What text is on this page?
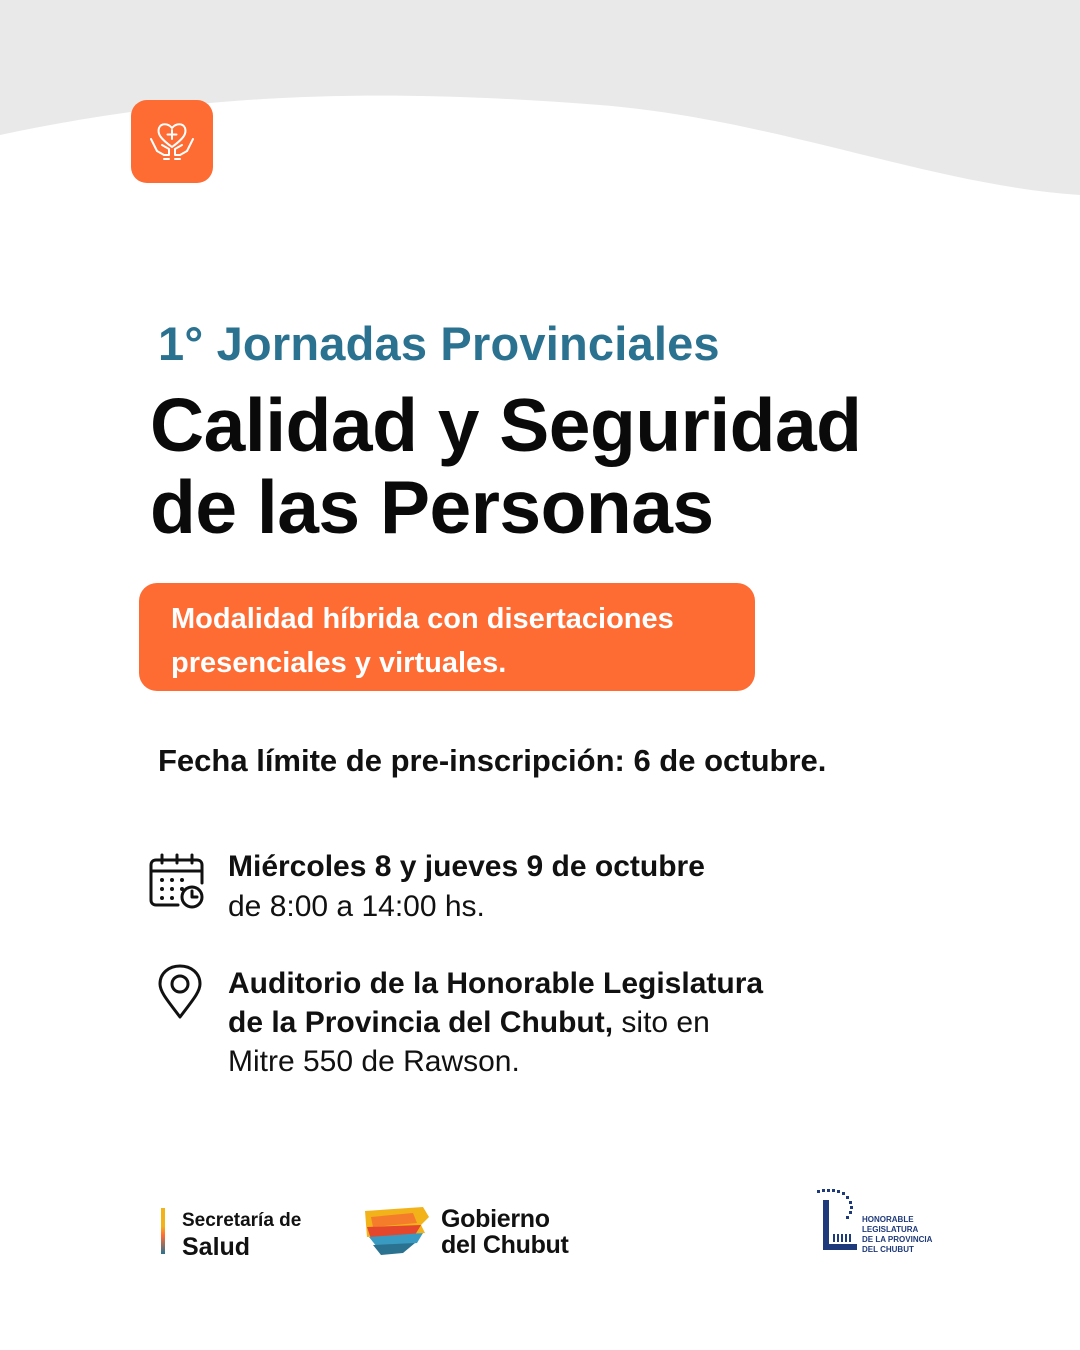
1° Jornadas Provinciales
Calidad y Seguridad
de las Personas
Modalidad híbrida con disertaciones
presenciales y virtuales.
Fecha límite de pre-inscripción: 6 de octubre.
Miércoles 8 y jueves 9 de octubre
de 8:00 a 14:00 hs.
Auditorio de la Honorable Legislatura
de la Provincia del Chubut, sito en
Mitre 550 de Rawson.
Secretaría de
Salud
Gobierno
del Chubut
HONORABLE
LEGISLATURA
DE LA PROVINCIA
DEL CHUBUT
